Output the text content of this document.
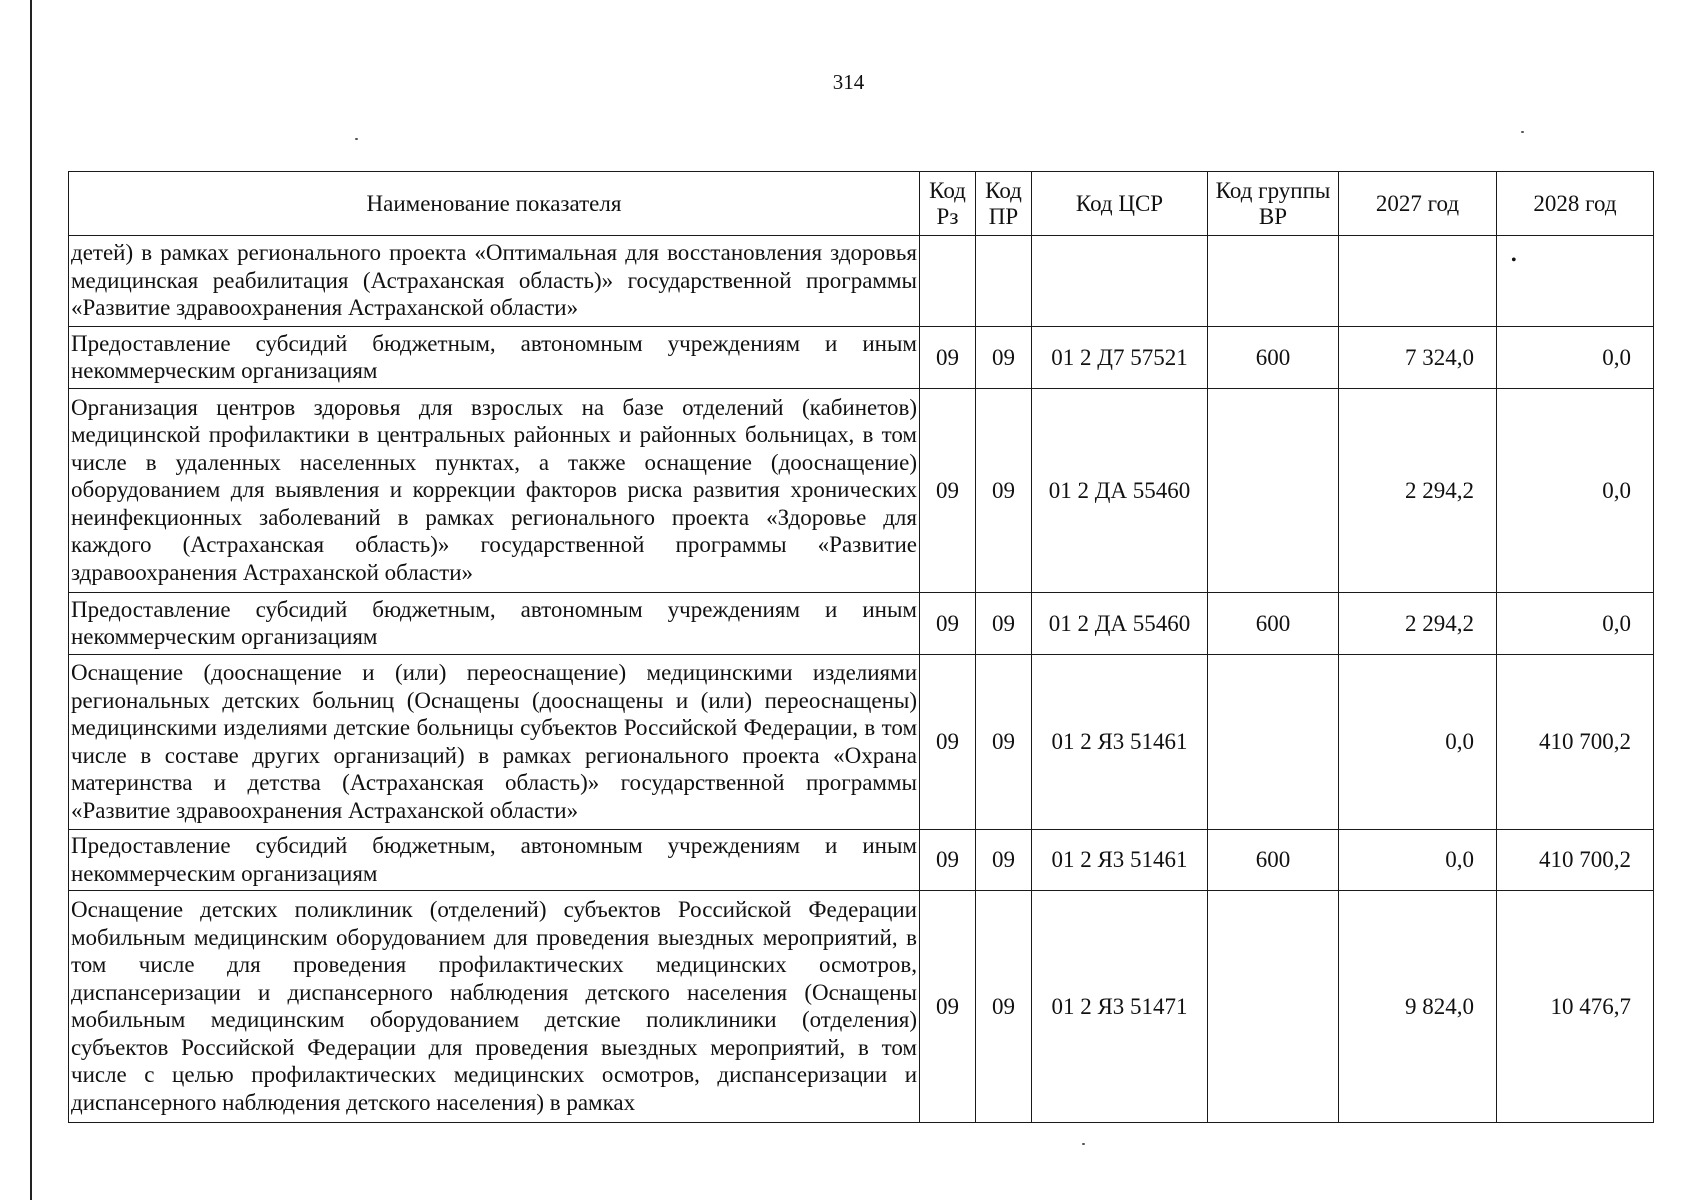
314
•
Наименование показателя	Код Рз	Код ПР	Код ЦСР	Код группы ВР	2027 год	2028 год
детей) в рамках регионального проекта «Оптимальная для восстановления здоровья медицинская реабилитация (Астраханская область)» государственной программы «Развитие здравоохранения Астраханской области»						
Предоставление субсидий бюджетным, автономным учреждениям и иным некоммерческим организациям	09	09	01 2 Д7 57521	600	7 324,0	0,0
Организация центров здоровья для взрослых на базе отделений (кабинетов) медицинской профилактики в центральных районных и районных больницах, в том числе в удаленных населенных пунктах, а также оснащение (дооснащение) оборудованием для выявления и коррекции факторов риска развития хронических неинфекционных заболеваний в рамках регионального проекта «Здоровье для каждого (Астраханская область)» государственной программы «Развитие здравоохранения Астраханской области»	09	09	01 2 ДА 55460		2 294,2	0,0
Предоставление субсидий бюджетным, автономным учреждениям и иным некоммерческим организациям	09	09	01 2 ДА 55460	600	2 294,2	0,0
Оснащение (дооснащение и (или) переоснащение) медицинскими изделиями региональных детских больниц (Оснащены (дооснащены и (или) переоснащены) медицинскими изделиями детские больницы субъектов Российской Федерации, в том числе в составе других организаций) в рамках регионального проекта «Охрана материнства и детства (Астраханская область)» государственной программы «Развитие здравоохранения Астраханской области»	09	09	01 2 Я3 51461		0,0	410 700,2
Предоставление субсидий бюджетным, автономным учреждениям и иным некоммерческим организациям	09	09	01 2 Я3 51461	600	0,0	410 700,2
Оснащение детских поликлиник (отделений) субъектов Российской Федерации мобильным медицинским оборудованием для проведения выездных мероприятий, в том числе для проведения профилактических медицинских осмотров, диспансеризации и диспансерного наблюдения детского населения (Оснащены мобильным медицинским оборудованием детские поликлиники (отделения) субъектов Российской Федерации для проведения выездных мероприятий, в том числе с целью профилактических медицинских осмотров, диспансеризации и диспансерного наблюдения детского населения) в рамках	09	09	01 2 Я3 51471		9 824,0	10 476,7
